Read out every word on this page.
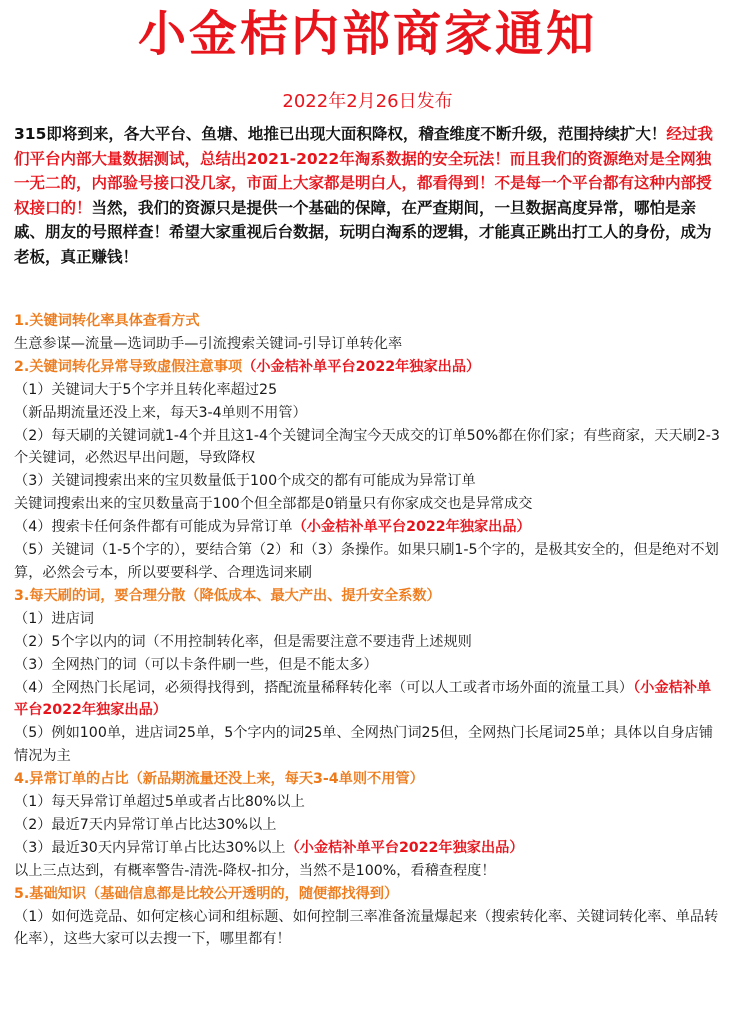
小金桔内部商家通知
2022年2月26日发布
315即将到来，各大平台、鱼塘、地推已出现大面积降权，稽查维度不断升级，范围持续扩大！经过我们平台内部大量数据测试，总结出2021-2022年淘系数据的安全玩法！而且我们的资源绝对是全网独一无二的，内部验号接口没几家，市面上大家都是明白人，都看得到！不是每一个平台都有这种内部授权接口的！当然，我们的资源只是提供一个基础的保障，在严查期间，一旦数据高度异常，哪怕是亲戚、朋友的号照样查！希望大家重视后台数据，玩明白淘系的逻辑，才能真正跳出打工人的身份，成为老板，真正赚钱！

1.关键词转化率具体查看方式

生意参谋—流量—选词助手—引流搜索关键词-引导订单转化率

2.关键词转化异常导致虚假注意事项（小金桔补单平台2022年独家出品）

（1）关键词大于5个字并且转化率超过25

（新品期流量还没上来，每天3-4单则不用管）

（2）每天刷的关键词就1-4个并且这1-4个关键词全淘宝今天成交的订单50%都在你们家；有些商家，天天刷2-3个关键词，必然迟早出问题，导致降权

（3）关键词搜索出来的宝贝数量低于100个成交的都有可能成为异常订单

关键词搜索出来的宝贝数量高于100个但全部都是0销量只有你家成交也是异常成交

（4）搜索卡任何条件都有可能成为异常订单（小金桔补单平台2022年独家出品）

（5）关键词（1-5个字的），要结合第（2）和（3）条操作。如果只刷1-5个字的，是极其安全的，但是绝对不划算，必然会亏本，所以要要科学、合理选词来刷

3.每天刷的词，要合理分散（降低成本、最大产出、提升安全系数）

（1）进店词

（2）5个字以内的词（不用控制转化率，但是需要注意不要违背上述规则

（3）全网热门的词（可以卡条件刷一些，但是不能太多）

（4）全网热门长尾词，必须得找得到，搭配流量稀释转化率（可以人工或者市场外面的流量工具）（小金桔补单平台2022年独家出品）

（5）例如100单，进店词25单，5个字内的词25单、全网热门词25但，全网热门长尾词25单；具体以自身店铺情况为主

4.异常订单的占比（新品期流量还没上来，每天3-4单则不用管）

（1）每天异常订单超过5单或者占比80%以上

（2）最近7天内异常订单占比达30%以上

（3）最近30天内异常订单占比达30%以上（小金桔补单平台2022年独家出品）

以上三点达到，有概率警告-清洗-降权-扣分，当然不是100%，看稽查程度！

5.基础知识（基础信息都是比较公开透明的，随便都找得到）

（1）如何选竞品、如何定核心词和组标题、如何控制三率准备流量爆起来（搜索转化率、关键词转化率、单品转化率），这些大家可以去搜一下，哪里都有！
